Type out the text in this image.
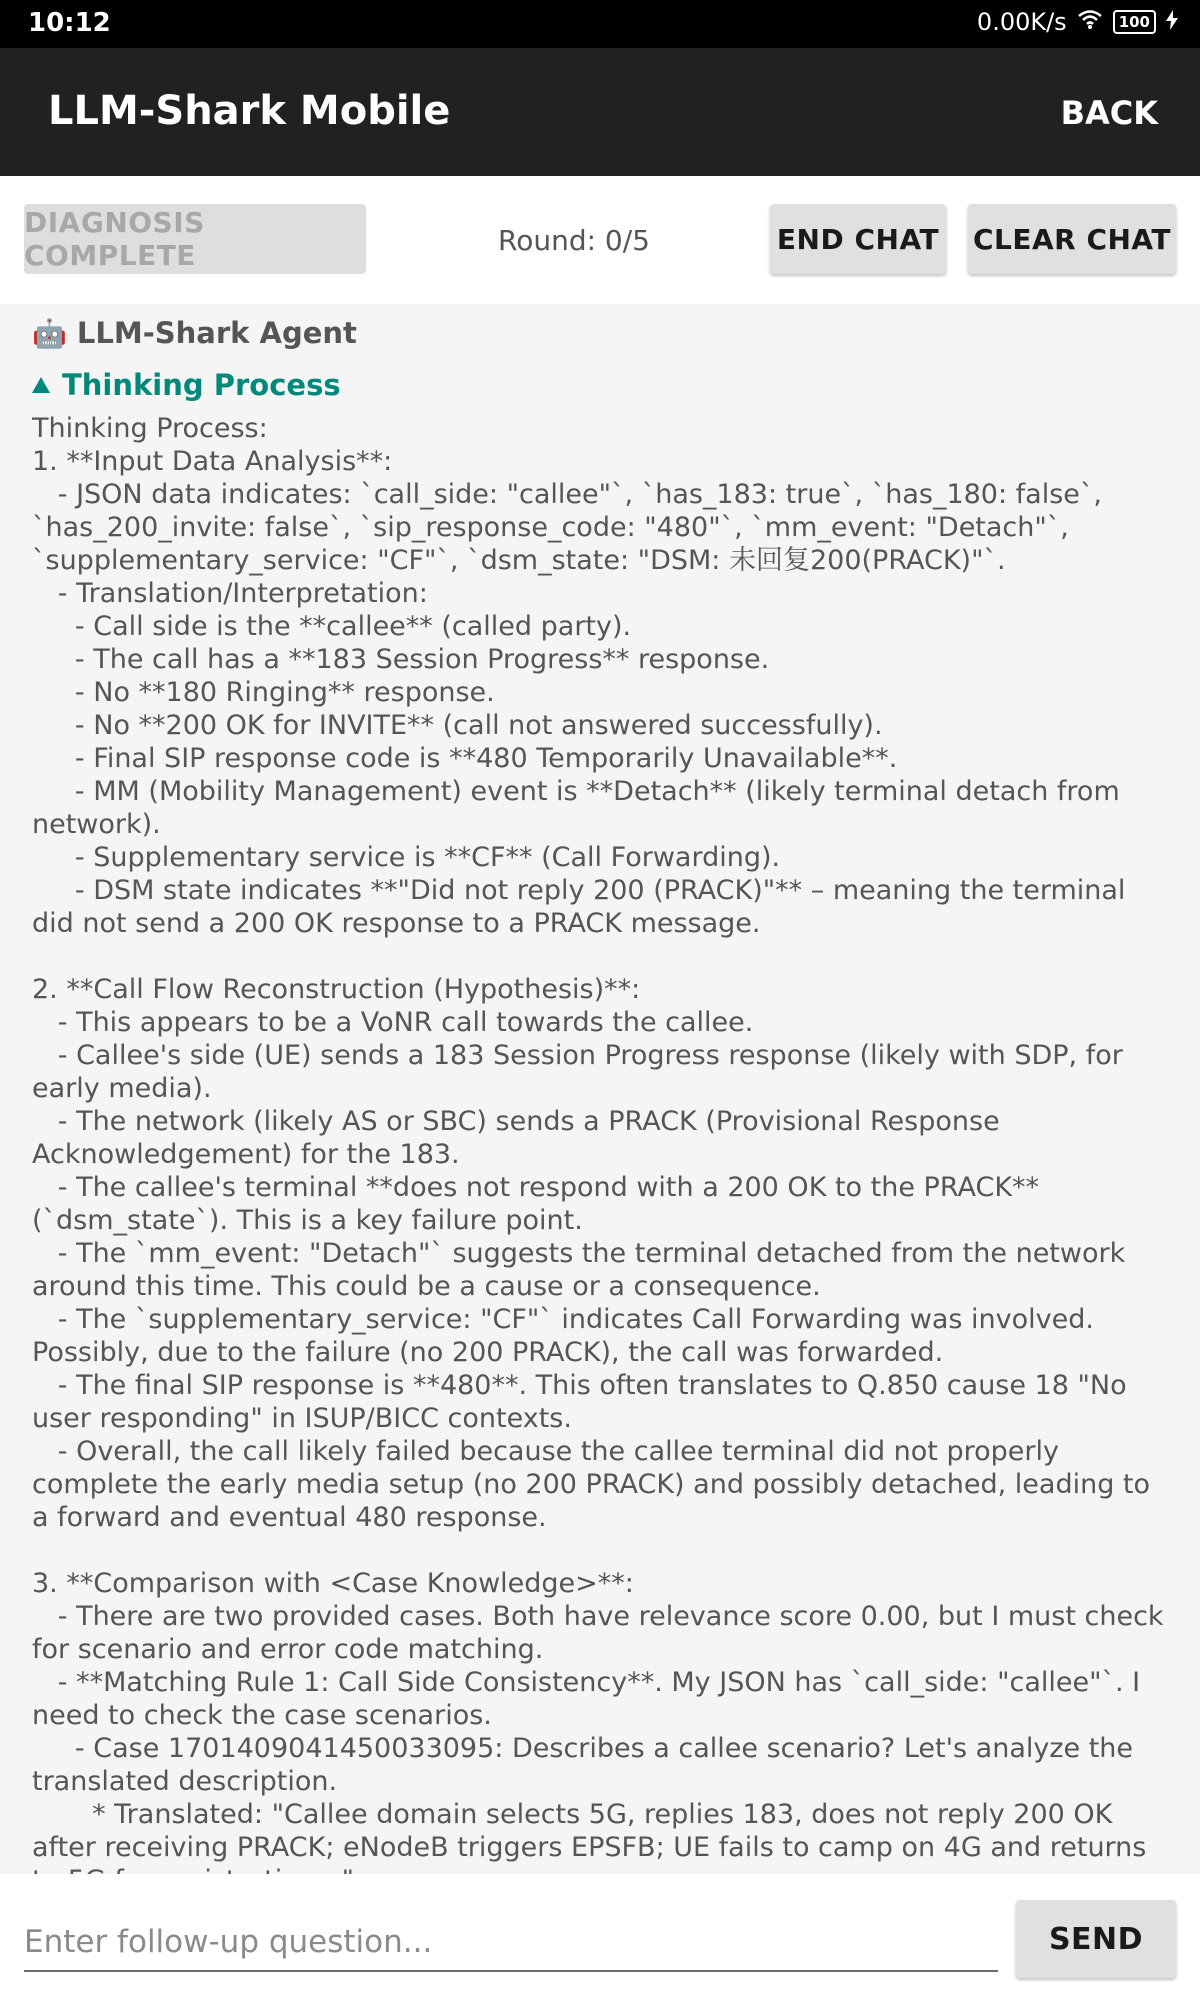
10:12	0.00K/s	100
LLM-Shark Mobile	BACK
DIAGNOSIS COMPLETE	Round: 0/5	END CHAT CLEAR CHAT
🤖 LLM-Shark Agent
Thinking Process
Thinking Process:
1. **Input Data Analysis**:
- JSON data indicates: `call_side: "callee"`, `has_183: true`, `has_180: false`, `has_200_invite: false`, `sip_response_code: "480"`, `mm_event: "Detach"`, `supplementary_service: "CF"`, `dsm_state: "DSM: 未回复200(PRACK)"`.
- Translation/Interpretation:
- Call side is the **callee** (called party).
- The call has a **183 Session Progress** response.
- No **180 Ringing** response.
- No **200 OK for INVITE** (call not answered successfully).
- Final SIP response code is **480 Temporarily Unavailable**.
- MM (Mobility Management) event is **Detach** (likely terminal detach from network).
- Supplementary service is **CF** (Call Forwarding).
- DSM state indicates **"Did not reply 200 (PRACK)"** – meaning the terminal did not send a 200 OK response to a PRACK message.

2. **Call Flow Reconstruction (Hypothesis)**:
- This appears to be a VoNR call towards the callee.
- Callee's side (UE) sends a 183 Session Progress response (likely with SDP, for early media).
- The network (likely AS or SBC) sends a PRACK (Provisional Response Acknowledgement) for the 183.
- The callee's terminal **does not respond with a 200 OK to the PRACK** (`dsm_state`). This is a key failure point.
- The `mm_event: "Detach"` suggests the terminal detached from the network around this time. This could be a cause or a consequence.
- The `supplementary_service: "CF"` indicates Call Forwarding was involved. Possibly, due to the failure (no 200 PRACK), the call was forwarded.
- The final SIP response is **480**. This often translates to Q.850 cause 18 "No user responding" in ISUP/BICC contexts.
- Overall, the call likely failed because the callee terminal did not properly complete the early media setup (no 200 PRACK) and possibly detached, leading to a forward and eventual 480 response.

3. **Comparison with <Case Knowledge>**:
- There are two provided cases. Both have relevance score 0.00, but I must check for scenario and error code matching.
- **Matching Rule 1: Call Side Consistency**. My JSON has `call_side: "callee"`. I need to check the case scenarios.
- Case 1701409041450033095: Describes a callee scenario? Let's analyze the translated description.
* Translated: "Callee domain selects 5G, replies 183, does not reply 200 OK after receiving PRACK; eNodeB triggers EPSFB; UE fails to camp on 4G and returns
Enter follow-up question...
SEND
